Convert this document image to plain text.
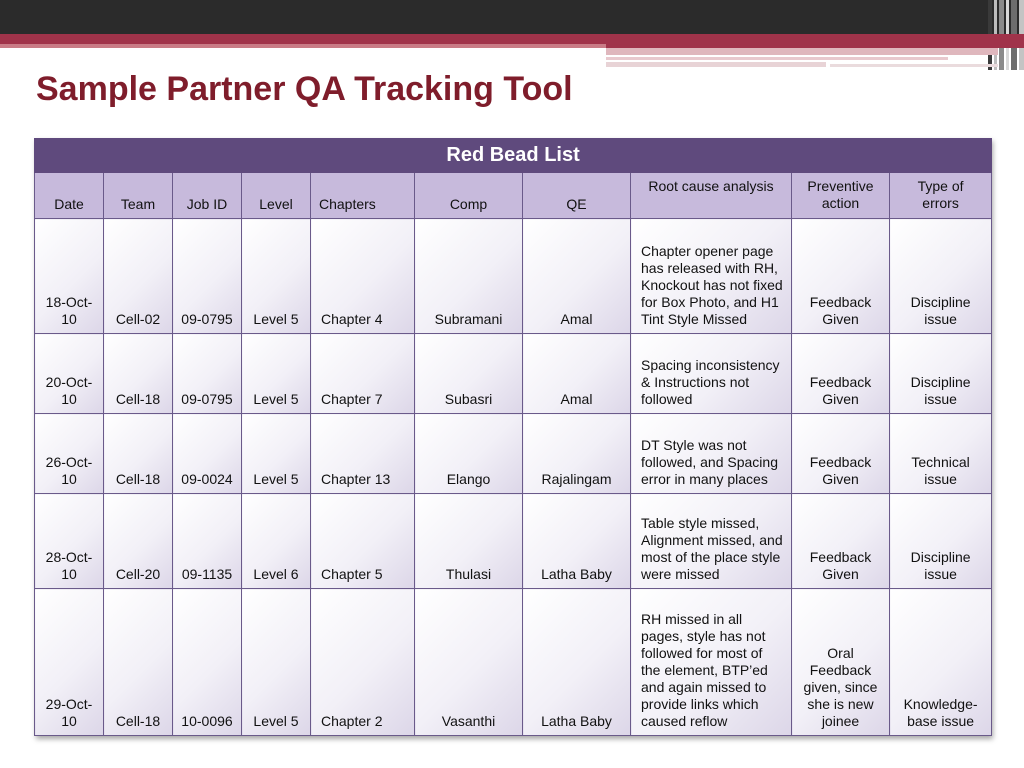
Sample Partner QA Tracking Tool
Red Bead List									
Date	Team	Job ID	Level	Chapters	Comp	QE	Root cause analysis	Preventive action	Type of errors
18-Oct-10	Cell-02	09-0795	Level 5	Chapter 4	Subramani	Amal	Chapter opener page has released with RH, Knockout has not fixed for Box Photo, and H1 Tint Style Missed	Feedback Given	Discipline issue
20-Oct-10	Cell-18	09-0795	Level 5	Chapter 7	Subasri	Amal	Spacing inconsistency & Instructions not followed	Feedback Given	Discipline issue
26-Oct-10	Cell-18	09-0024	Level 5	Chapter 13	Elango	Rajalingam	DT Style was not followed, and Spacing error in many places	Feedback Given	Technical issue
28-Oct-10	Cell-20	09-1135	Level 6	Chapter 5	Thulasi	Latha Baby	Table style missed, Alignment missed, and most of the place style were missed	Feedback Given	Discipline issue
29-Oct-10	Cell-18	10-0096	Level 5	Chapter 2	Vasanthi	Latha Baby	RH missed in all pages, style has not followed for most of the element, BTP’ed and again missed to provide links which caused reflow	Oral Feedback given, since she is new joinee	Knowledge-base issue
